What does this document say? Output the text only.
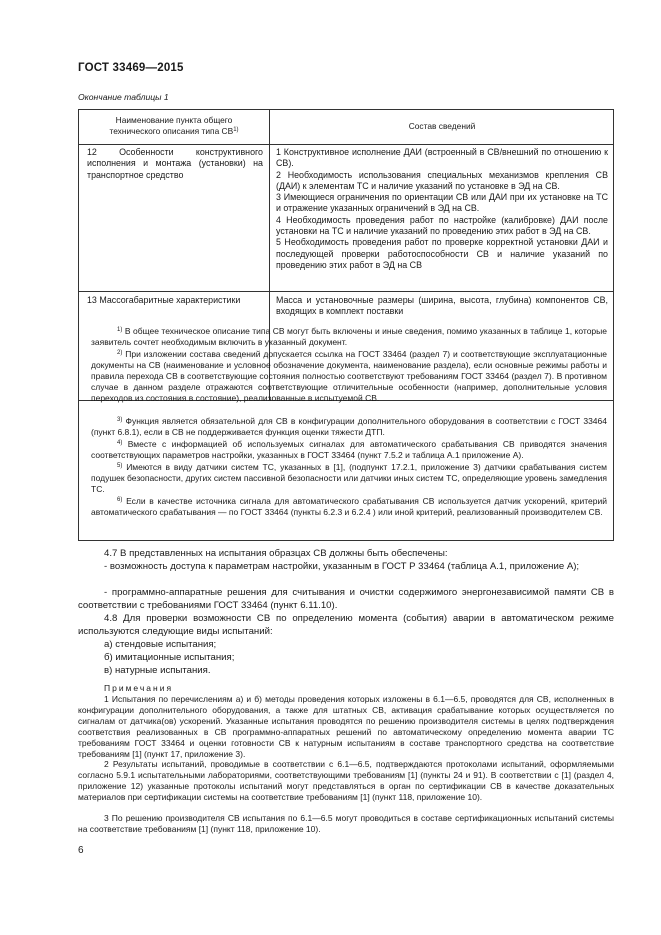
ГОСТ 33469—2015
Окончание таблицы 1
Наименование пункта общего технического описания типа СВ$^{1)}$	Состав сведений
12 Особенности конструктивного исполнения и монтажа (установки) на транспортное средство
1 Конструктивное исполнение ДАИ (встроенный в СВ/внешний по отношению к СВ).
2 Необходимость использования специальных механизмов крепления СВ (ДАИ) к элементам ТС и наличие указаний по установке в ЭД на СВ.
3 Имеющиеся ограничения по ориентации СВ или ДАИ при их установке на ТС и отражение указанных ограничений в ЭД на СВ.
4 Необходимость проведения работ по настройке (калибровке) ДАИ после установки на ТС и наличие указаний по проведению этих работ в ЭД на СВ.
5 Необходимость проведения работ по проверке корректной установки ДАИ и последующей проверки работоспособности СВ и наличие указаний по проведению этих работ в ЭД на СВ
13 Массогабаритные характеристики	Масса и установочные размеры (ширина, высота, глубина) компонентов СВ, входящих в комплект поставки
$^{1)}$ В общее техническое описание типа СВ могут быть включены и иные сведения, помимо указанных в таблице 1, которые заявитель сочтет необходимым включить в указанный документ.
$^{2)}$ При изложении состава сведений допускается ссылка на ГОСТ 33464 (раздел 7) и соответствующие эксплуатационные документы на СВ (наименование и условное обозначение документа, наименование раздела), если основные режимы работы и правила перехода СВ в соответствующие состояния полностью соответствуют требованиям ГОСТ 33464 (раздел 7). В противном случае в данном разделе отражаются соответствующие отличительные особенности (например, дополнительные условия переходов из состояния в состояние), реализованные в испытуемой СВ.
$^{3)}$ Функция является обязательной для СВ в конфигурации дополнительного оборудования в соответствии с ГОСТ 33464 (пункт 6.8.1), если в СВ не поддерживается функция оценки тяжести ДТП.
$^{4)}$ Вместе с информацией об используемых сигналах для автоматического срабатывания СВ приводятся значения соответствующих параметров настройки, указанных в ГОСТ 33464 (пункт 7.5.2 и таблица А.1 приложение А).
$^{5)}$ Имеются в виду датчики систем ТС, указанных в [1], (подпункт 17.2.1, приложение 3) датчики срабатывания систем подушек безопасности, других систем пассивной безопасности или датчики иных систем ТС, определяющие уровень замедления ТС.
$^{6)}$ Если в качестве источника сигнала для автоматического срабатывания СВ используется датчик ускорений, критерий автоматического срабатывания — по ГОСТ 33464 (пункты 6.2.3 и 6.2.4 ) или иной критерий, реализованный производителем СВ.
4.7 В представленных на испытания образцах СВ должны быть обеспечены:
- возможность доступа к параметрам настройки, указанным в ГОСТ Р 33464 (таблица А.1, приложение А);
- программно-аппаратные решения для считывания и очистки содержимого энергонезависимой памяти СВ в соответствии с требованиями ГОСТ 33464 (пункт 6.11.10).
4.8 Для проверки возможности СВ по определению момента (события) аварии в автоматическом режиме используются следующие виды испытаний:
а) стендовые испытания;
б) имитационные испытания;
в) натурные испытания.
Примечания
1 Испытания по перечислениям а) и б) методы проведения которых изложены в 6.1—6.5, проводятся для СВ, исполненных в конфигурации дополнительного оборудования, а также для штатных СВ, активация срабатывание которых осуществляется по сигналам от датчика(ов) ускорений. Указанные испытания проводятся по решению производителя системы в целях подтверждения соответствия реализованных в СВ программно-аппаратных решений по автоматическому определению момента аварии ТС требованиям ГОСТ 33464 и оценки готовности СВ к натурным испытаниям в составе транспортного средства на соответствие требованиям [1] (пункт 17, приложение 3).
2 Результаты испытаний, проводимые в соответствии с 6.1—6.5, подтверждаются протоколами испытаний, оформляемыми согласно 5.9.1 испытательными лабораториями, соответствующими требованиям [1] (пункты 24 и 91). В соответствии с [1] (раздел 4, приложение 12) указанные протоколы испытаний могут представляться в орган по сертификации СВ в качестве доказательных материалов при сертификации системы на соответствие требованиям [1] (пункт 118, приложение 10).
3 По решению производителя СВ испытания по 6.1—6.5 могут проводиться в составе сертификационных испытаний системы на соответствие требованиям [1] (пункт 118, приложение 10).
6
